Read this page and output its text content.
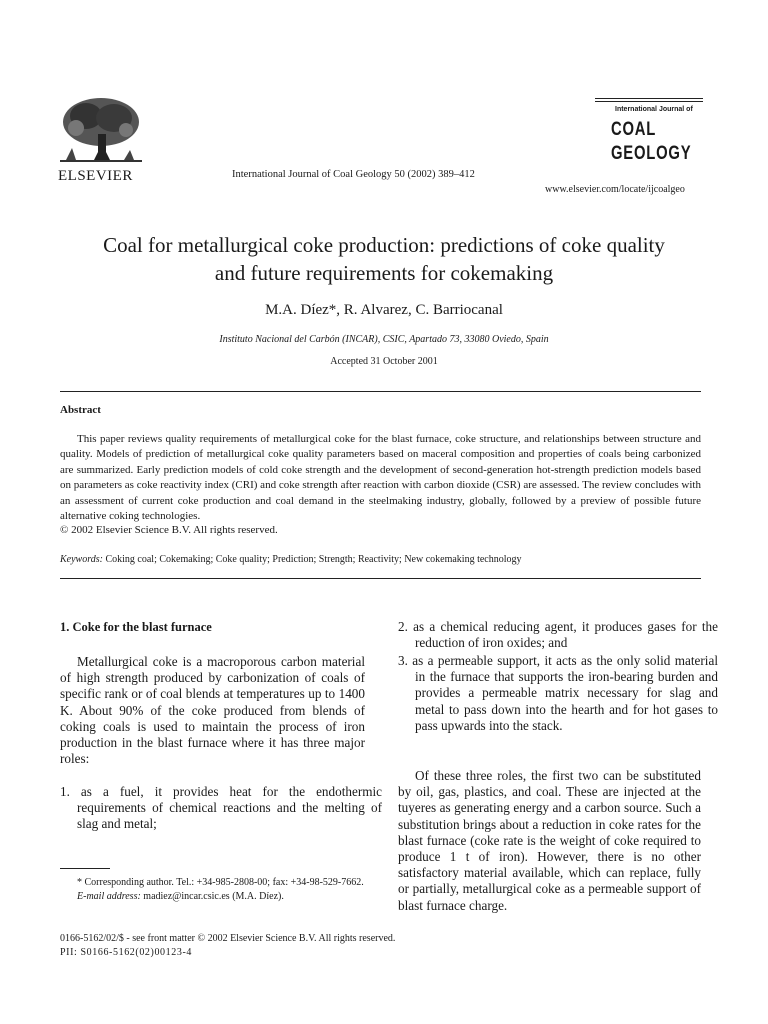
ELSEVIER	International Journal of Coal Geology 50 (2002) 389–412
International Journal of
COAL
GEOLOGY
www.elsevier.com/locate/ijcoalgeo
Coal for metallurgical coke production: predictions of coke quality
and future requirements for cokemaking
M.A. Díez*, R. Alvarez, C. Barriocanal
Instituto Nacional del Carbón (INCAR), CSIC, Apartado 73, 33080 Oviedo, Spain
Accepted 31 October 2001
Abstract
This paper reviews quality requirements of metallurgical coke for the blast furnace, coke structure, and relationships between structure and quality. Models of prediction of metallurgical coke quality parameters based on maceral composition and properties of coals being carbonized are summarized. Early prediction models of cold coke strength and the development of second-generation hot-strength prediction models based on parameters as coke reactivity index (CRI) and coke strength after reaction with carbon dioxide (CSR) are assessed. The review concludes with an assessment of current coke production and coal demand in the steelmaking industry, globally, followed by a preview of possible future alternative coking technologies.
© 2002 Elsevier Science B.V. All rights reserved.
Keywords: Coking coal; Cokemaking; Coke quality; Prediction; Strength; Reactivity; New cokemaking technology
1. Coke for the blast furnace
Metallurgical coke is a macroporous carbon material of high strength produced by carbonization of coals of specific rank or of coal blends at temperatures up to 1400 K. About 90% of the coke produced from blends of coking coals is used to maintain the process of iron production in the blast furnace where it has three major roles:
1. as a fuel, it provides heat for the endothermic requirements of chemical reactions and the melting of slag and metal;
* Corresponding author. Tel.: +34-985-2808-00; fax: +34-98-529-7662.
E-mail address: madiez@incar.csic.es (M.A. Díez).
2. as a chemical reducing agent, it produces gases for the reduction of iron oxides; and
3. as a permeable support, it acts as the only solid material in the furnace that supports the iron-bearing burden and provides a permeable matrix necessary for slag and metal to pass down into the hearth and for hot gases to pass upwards into the stack.
Of these three roles, the first two can be substituted by oil, gas, plastics, and coal. These are injected at the tuyeres as generating energy and a carbon source. Such a substitution brings about a reduction in coke rates for the blast furnace (coke rate is the weight of coke required to produce 1 t of iron). However, there is no other satisfactory material available, which can replace, fully or partially, metallurgical coke as a permeable support of blast furnace charge.
0166-5162/02/$ - see front matter © 2002 Elsevier Science B.V. All rights reserved.
PII: S0166-5162(02)00123-4
